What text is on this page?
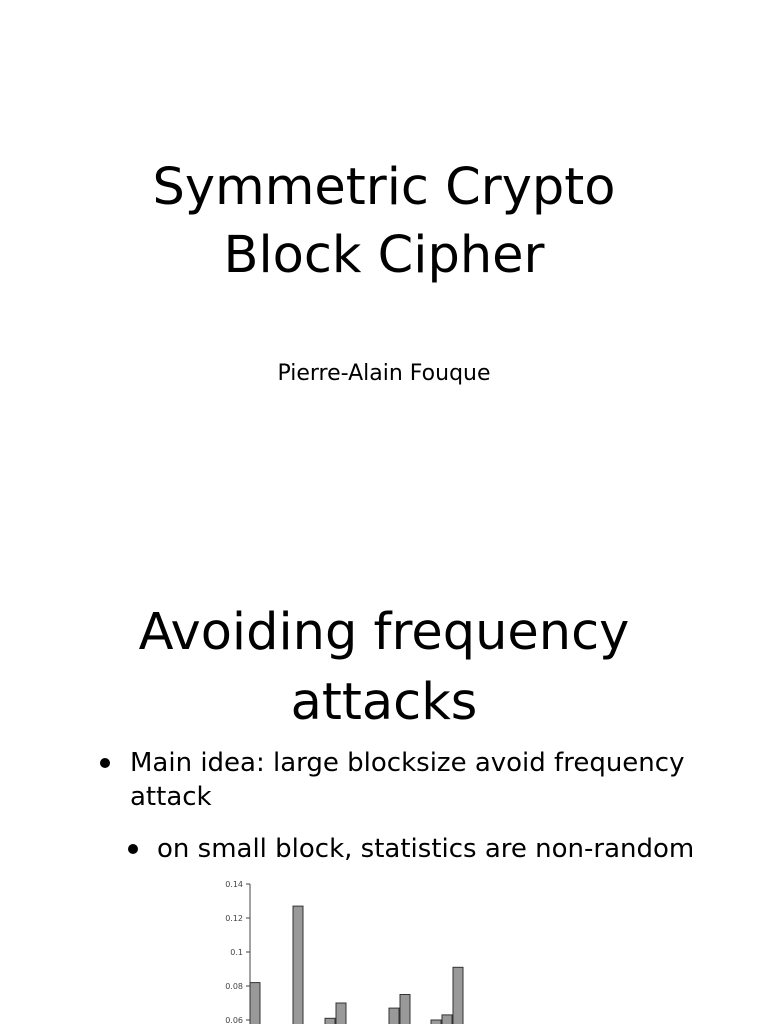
Symmetric Crypto
Block Cipher
Pierre-Alain Fouque
Avoiding frequency
attacks
Main idea: large blocksize avoid frequency
attack
on small block, statistics are non-random
0.14
0.12
0.1
0.08
0.06
